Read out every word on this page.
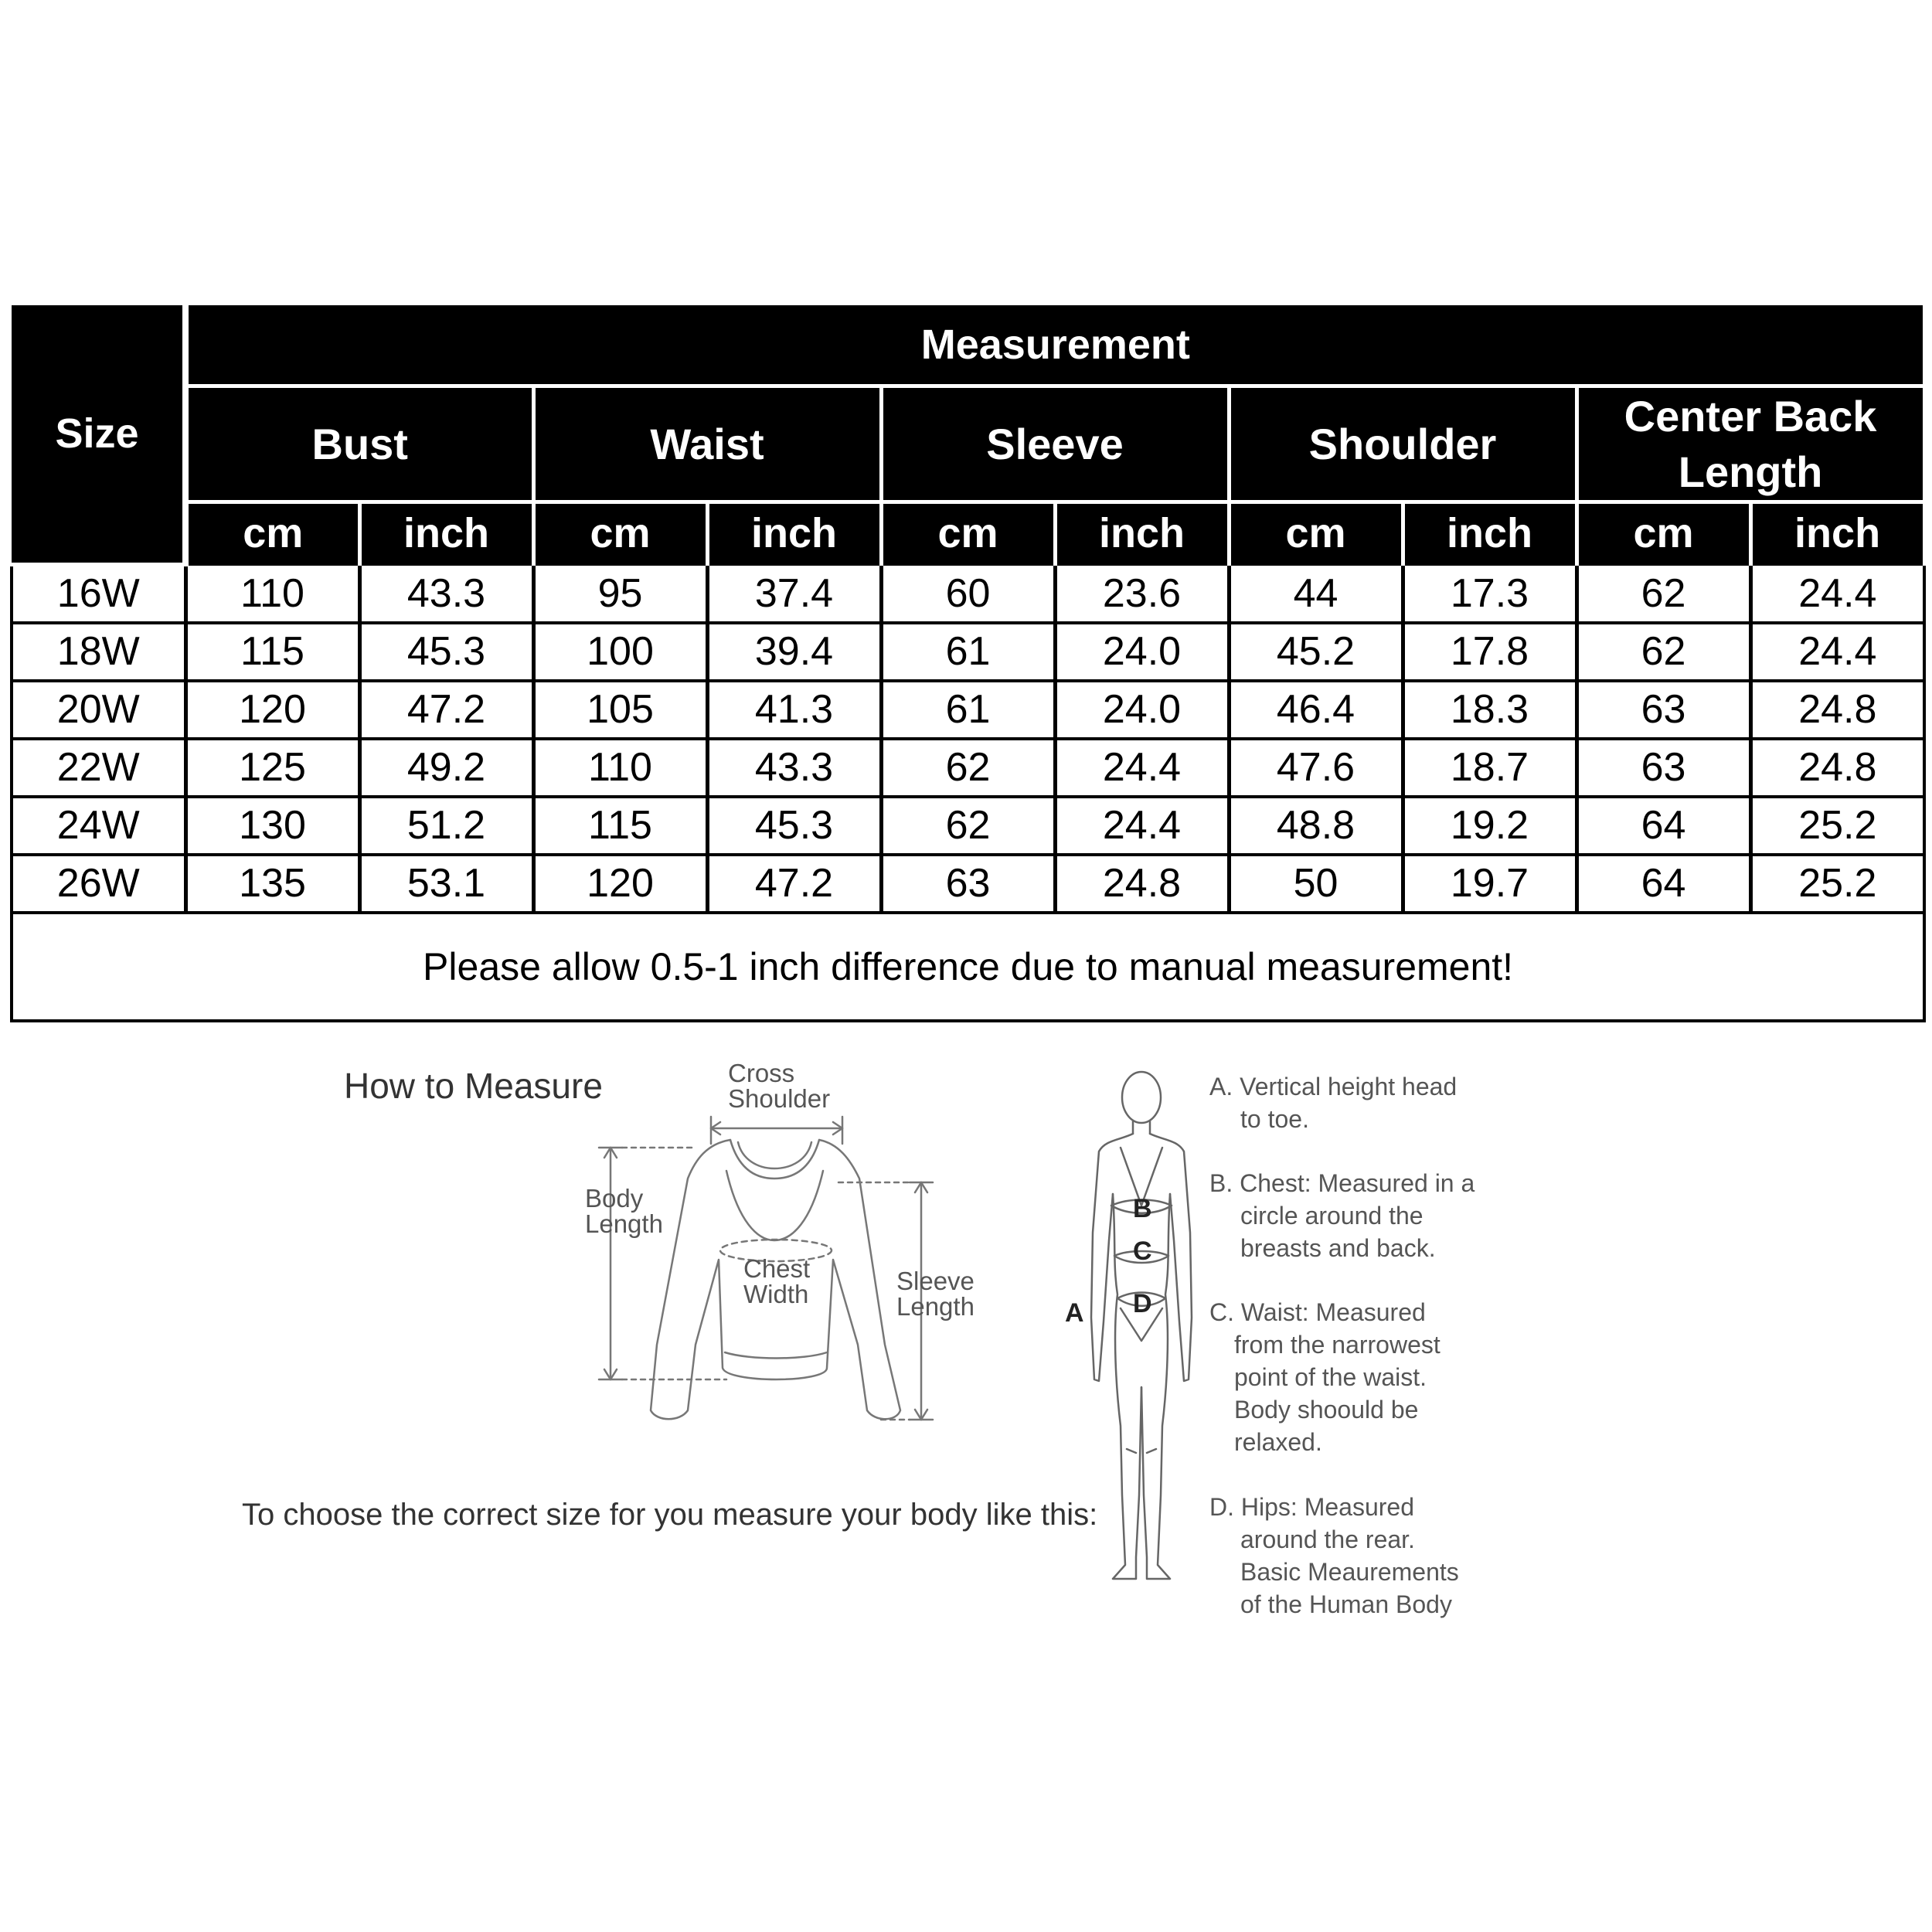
Size	Measurement									
	Bust		Waist		Sleeve		Shoulder		Center Back Length	
	cm	inch	cm	inch	cm	inch	cm	inch	cm	inch
16W	110	43.3	95	37.4	60	23.6	44	17.3	62	24.4
18W	115	45.3	100	39.4	61	24.0	45.2	17.8	62	24.4
20W	120	47.2	105	41.3	61	24.0	46.4	18.3	63	24.8
22W	125	49.2	110	43.3	62	24.4	47.6	18.7	63	24.8
24W	130	51.2	115	45.3	62	24.4	48.8	19.2	64	25.2
26W	135	53.1	120	47.2	63	24.8	50	19.7	64	25.2
Please allow 0.5-1 inch difference due to manual measurement!										
How to Measure
To choose the correct size for you measure your body like this:
Cross
Shoulder
Body
Length
Chest
Width	Sleeve
Length
B
C
D
A
A. Vertical height head
to toe.
B. Chest: Measured in a
circle around the
breasts and back.
C. Waist: Measured
from the narrowest
point of the waist.
Body shoould be
relaxed.
D. Hips: Measured
around the rear.
Basic Meaurements
of the Human Body
